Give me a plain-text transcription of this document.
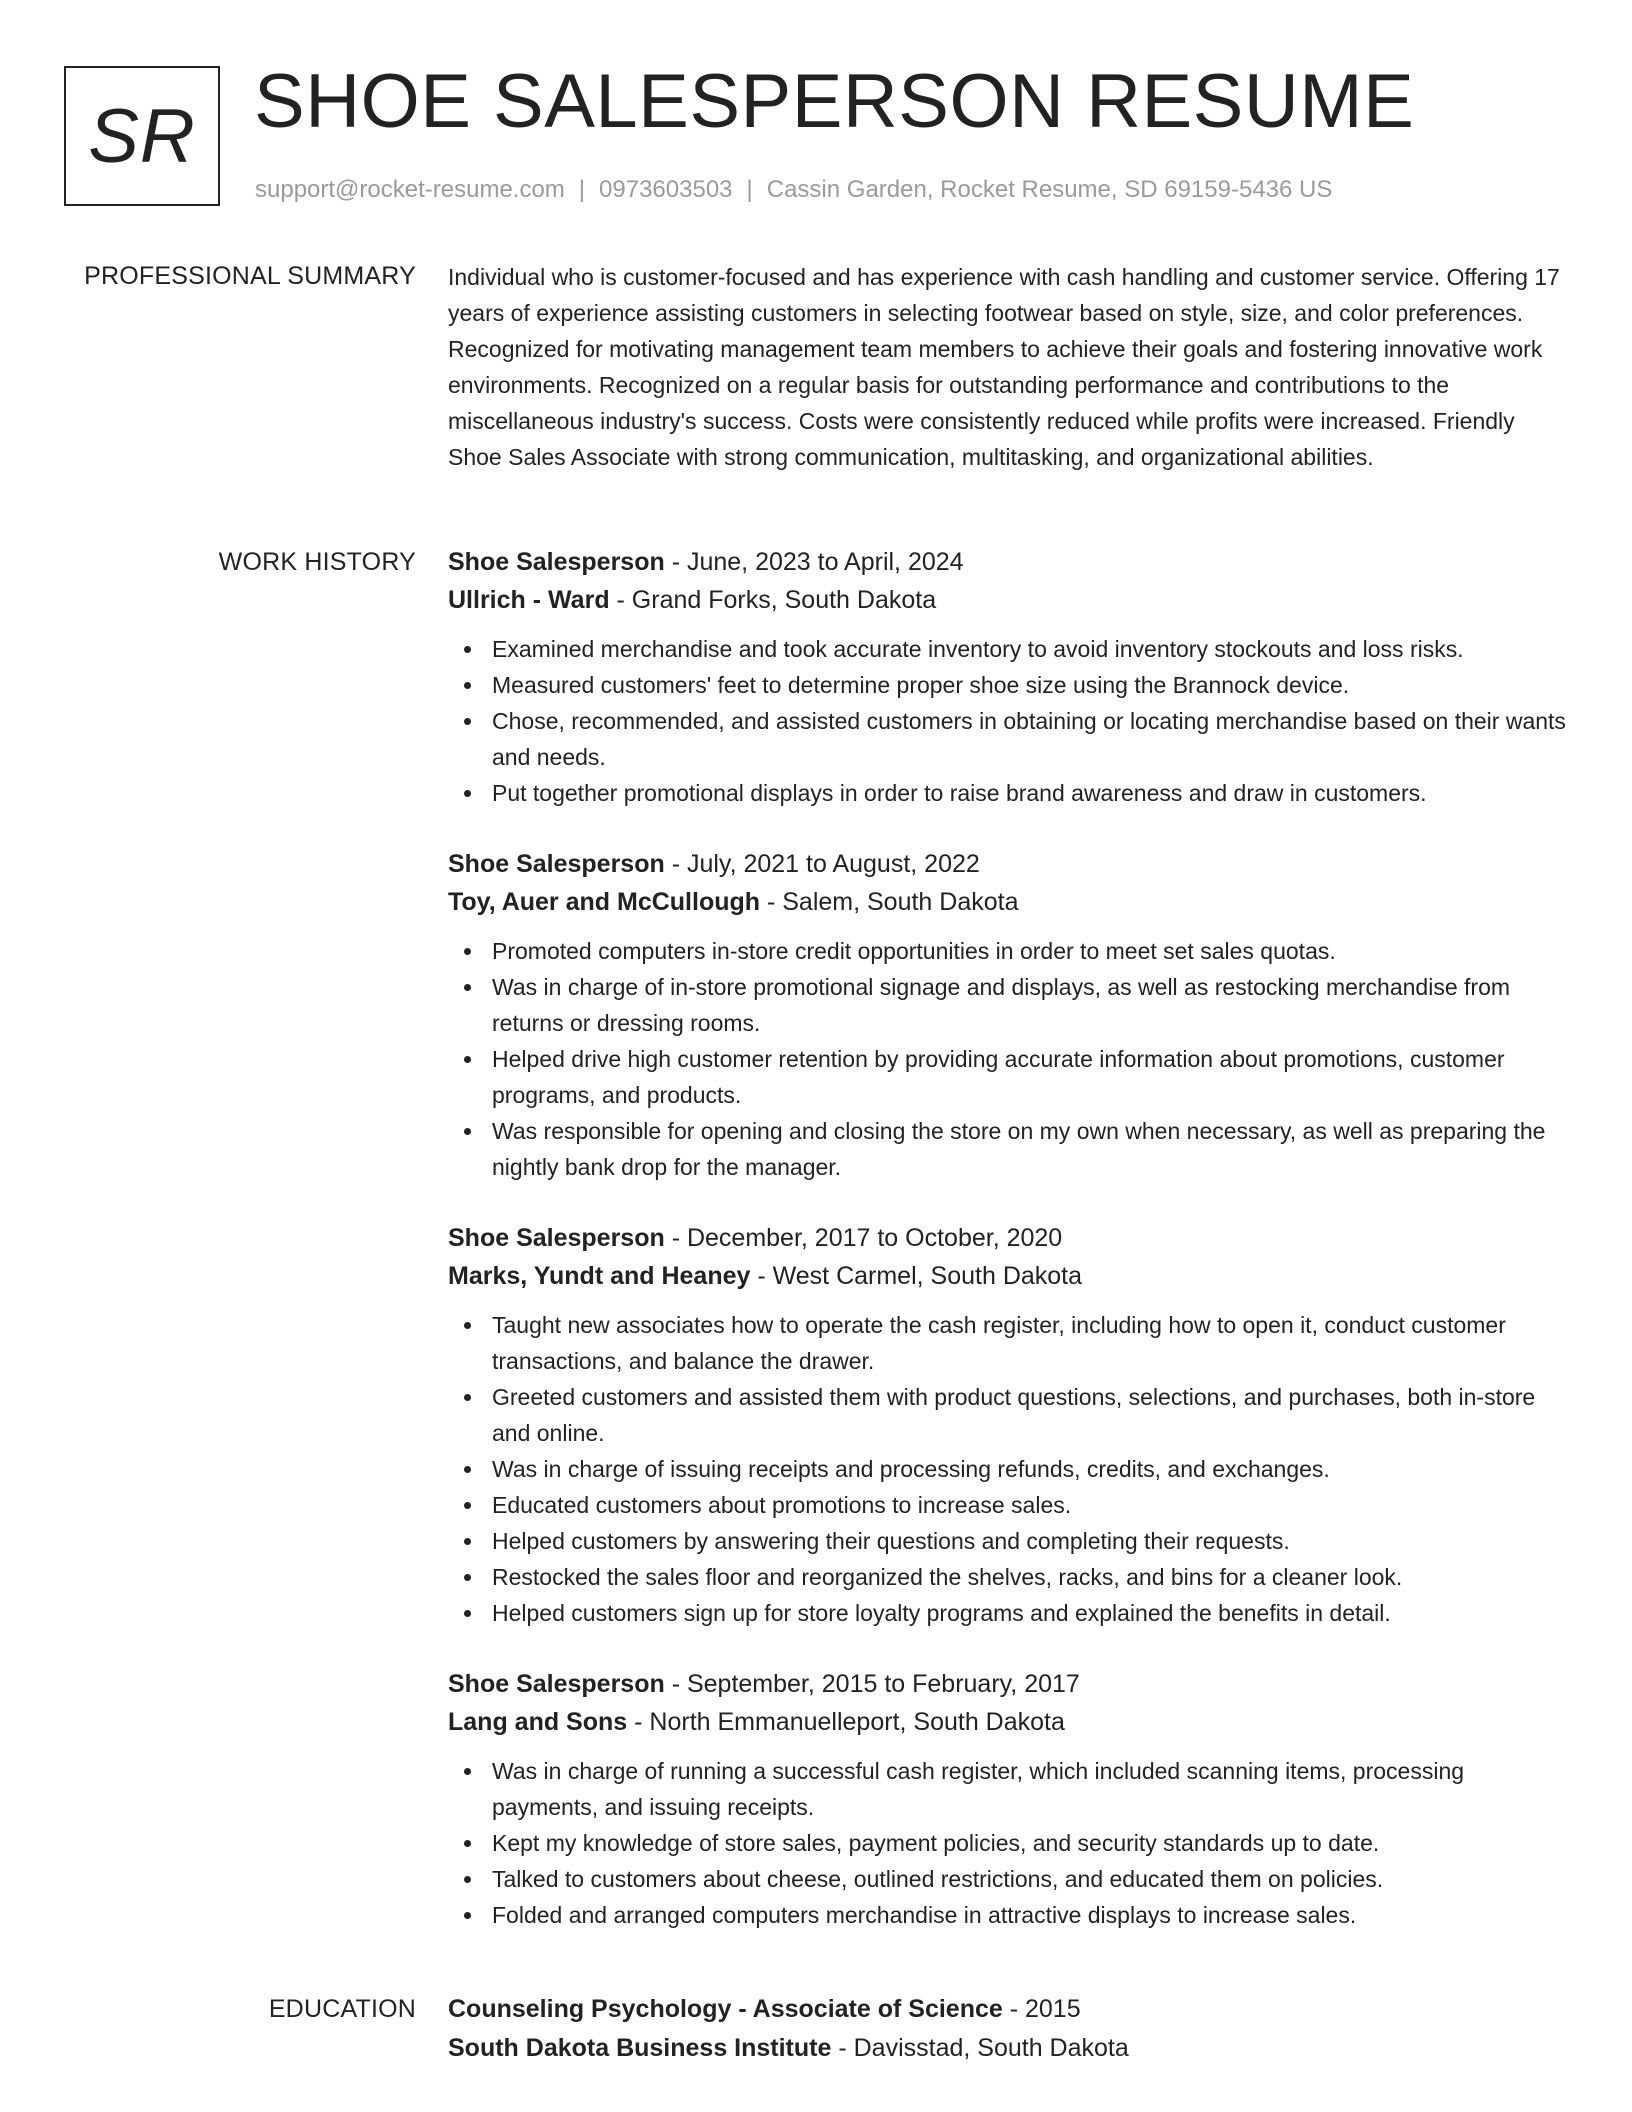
SR SHOE SALESPERSON RESUME
support@rocket-resume.com | 0973603503 | Cassin Garden, Rocket Resume, SD 69159-5436 US
PROFESSIONAL SUMMARY Individual who is customer-focused and has experience with cash handling and customer service. Offering 17 years of experience assisting customers in selecting footwear based on style, size, and color preferences. Recognized for motivating management team members to achieve their goals and fostering innovative work environments. Recognized on a regular basis for outstanding performance and contributions to the miscellaneous industry's success. Costs were consistently reduced while profits were increased. Friendly Shoe Sales Associate with strong communication, multitasking, and organizational abilities.

WORK HISTORY Shoe Salesperson - June, 2023 to April, 2024
Ullrich - Ward - Grand Forks, South Dakota
Examined merchandise and took accurate inventory to avoid inventory stockouts and loss risks.
Measured customers' feet to determine proper shoe size using the Brannock device.
Chose, recommended, and assisted customers in obtaining or locating merchandise based on their wants and needs.
Put together promotional displays in order to raise brand awareness and draw in customers.
Shoe Salesperson - July, 2021 to August, 2022
Toy, Auer and McCullough - Salem, South Dakota
Promoted computers in-store credit opportunities in order to meet set sales quotas.
Was in charge of in-store promotional signage and displays, as well as restocking merchandise from returns or dressing rooms.
Helped drive high customer retention by providing accurate information about promotions, customer programs, and products.
Was responsible for opening and closing the store on my own when necessary, as well as preparing the nightly bank drop for the manager.
Shoe Salesperson - December, 2017 to October, 2020
Marks, Yundt and Heaney - West Carmel, South Dakota
Taught new associates how to operate the cash register, including how to open it, conduct customer transactions, and balance the drawer.
Greeted customers and assisted them with product questions, selections, and purchases, both in-store and online.
Was in charge of issuing receipts and processing refunds, credits, and exchanges.
Educated customers about promotions to increase sales.
Helped customers by answering their questions and completing their requests.
Restocked the sales floor and reorganized the shelves, racks, and bins for a cleaner look.
Helped customers sign up for store loyalty programs and explained the benefits in detail.
Shoe Salesperson - September, 2015 to February, 2017
Lang and Sons - North Emmanuelleport, South Dakota
Was in charge of running a successful cash register, which included scanning items, processing payments, and issuing receipts.
Kept my knowledge of store sales, payment policies, and security standards up to date.
Talked to customers about cheese, outlined restrictions, and educated them on policies.
Folded and arranged computers merchandise in attractive displays to increase sales.
EDUCATION Counseling Psychology - Associate of Science - 2015
South Dakota Business Institute - Davisstad, South Dakota
